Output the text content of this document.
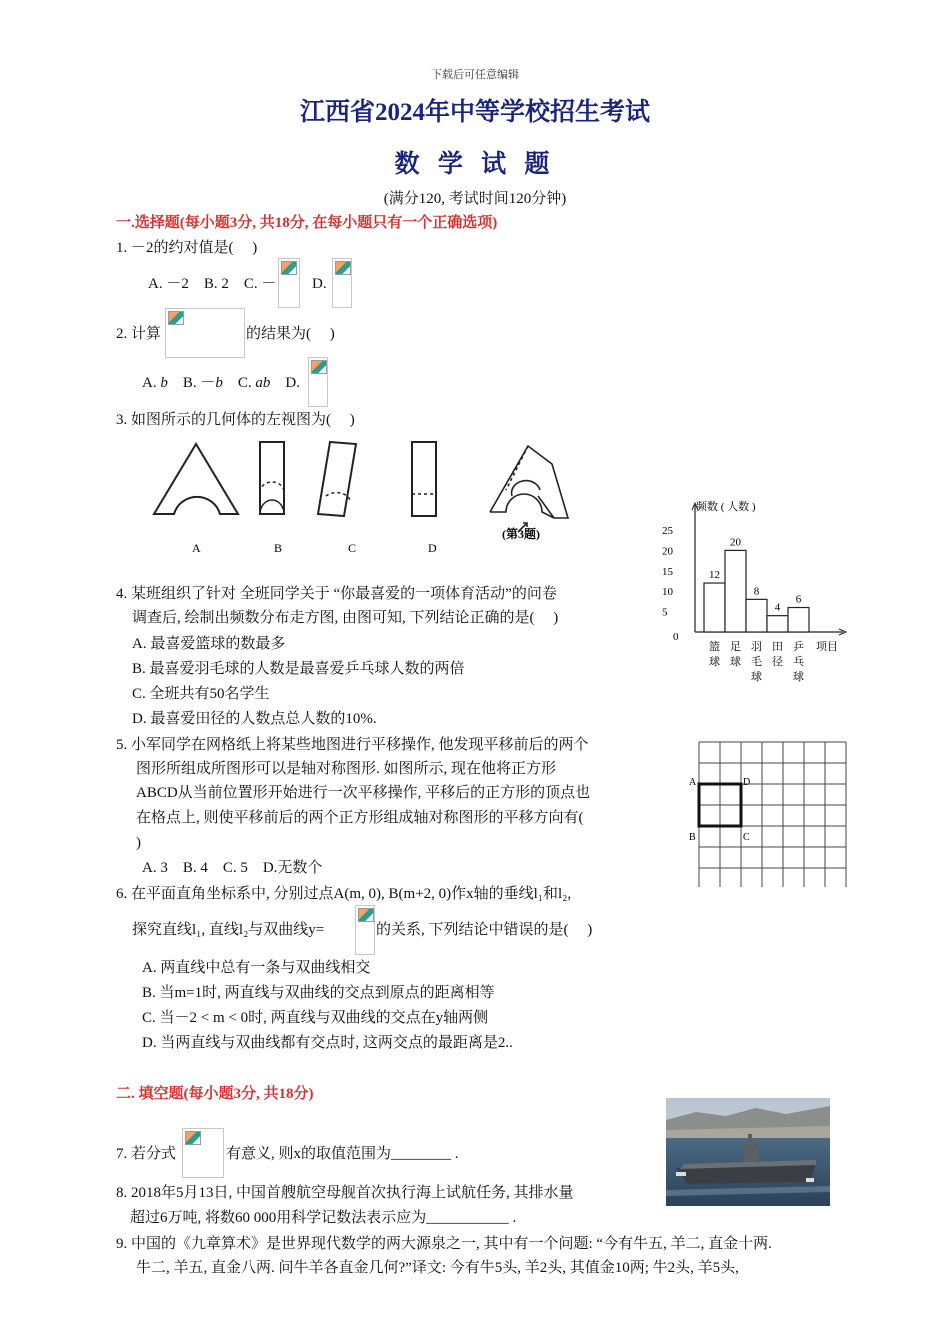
下载后可任意编辑
江西省2024年中等学校招生考试
数 学 试 题
(满分120, 考试时间120分钟)
一.选择题(每小题3分, 共18分, 在每小题只有一个正确选项)
1. －2的约对值是(　 )
A. －2　B. 2　C. － D.
2. 计算	的结果为(　 )
A. b　B. －b　C. ab　D.
3. 如图所示的几何体的左视图为(　 )
A	B	C	D
(第3题)
4. 某班组织了针对 全班同学关于 “你最喜爱的一项体育活动”的问卷
调查后, 绘制出频数分布走方图, 由图可知, 下列结论正确的是(　 )
A. 最喜爱篮球的数最多
B. 最喜爱羽毛球的人数是最喜爱乒乓球人数的两倍
C. 全班共有50名学生
D. 最喜爱田径的人数点总人数的10%.
频数 ( 人数 )
0
5
10
15
20
25
12
篮
球
20
足
球
8
羽
毛
球
4
田
径
6
乒
乓
球
项目
5. 小军同学在网格纸上将某些地图进行平移操作, 他发现平移前后的两个
图形所组成所图形可以是轴对称图形. 如图所示, 现在他将正方形
ABCD从当前位置形开始进行一次平移操作, 平移后的正方形的顶点也
在格点上, 则使平移前后的两个正方形组成轴对称图形的平移方向有(
)
A. 3　B. 4　C. 5　D.无数个
A	D
B	C
6. 在平面直角坐标系中, 分别过点A(m, 0), B(m+2, 0)作x轴的垂线l₁和l₂,
探究直线l₁, 直线l₂与双曲线y=	的关系, 下列结论中错误的是(　 )
A. 两直线中总有一条与双曲线相交
B. 当m=1时, 两直线与双曲线的交点到原点的距离相等
C. 当－2 < m < 0时, 两直线与双曲线的交点在y轴两侧
D. 当两直线与双曲线都有交点时, 这两交点的最距离是2..
二. 填空题(每小题3分, 共18分)
7. 若分式	有意义, 则x的取值范围为________ .
8. 2018年5月13日, 中国首艘航空母舰首次执行海上试航任务, 其排水量
超过6万吨, 将数60 000用科学记数法表示应为___________ .
9. 中国的《九章算术》是世界现代数学的两大源泉之一, 其中有一个问题: “今有牛五, 羊二, 直金十两.
牛二, 羊五, 直金八两. 问牛羊各直金几何?”译文: 今有牛5头, 羊2头, 其值金10两; 牛2头, 羊5头,
